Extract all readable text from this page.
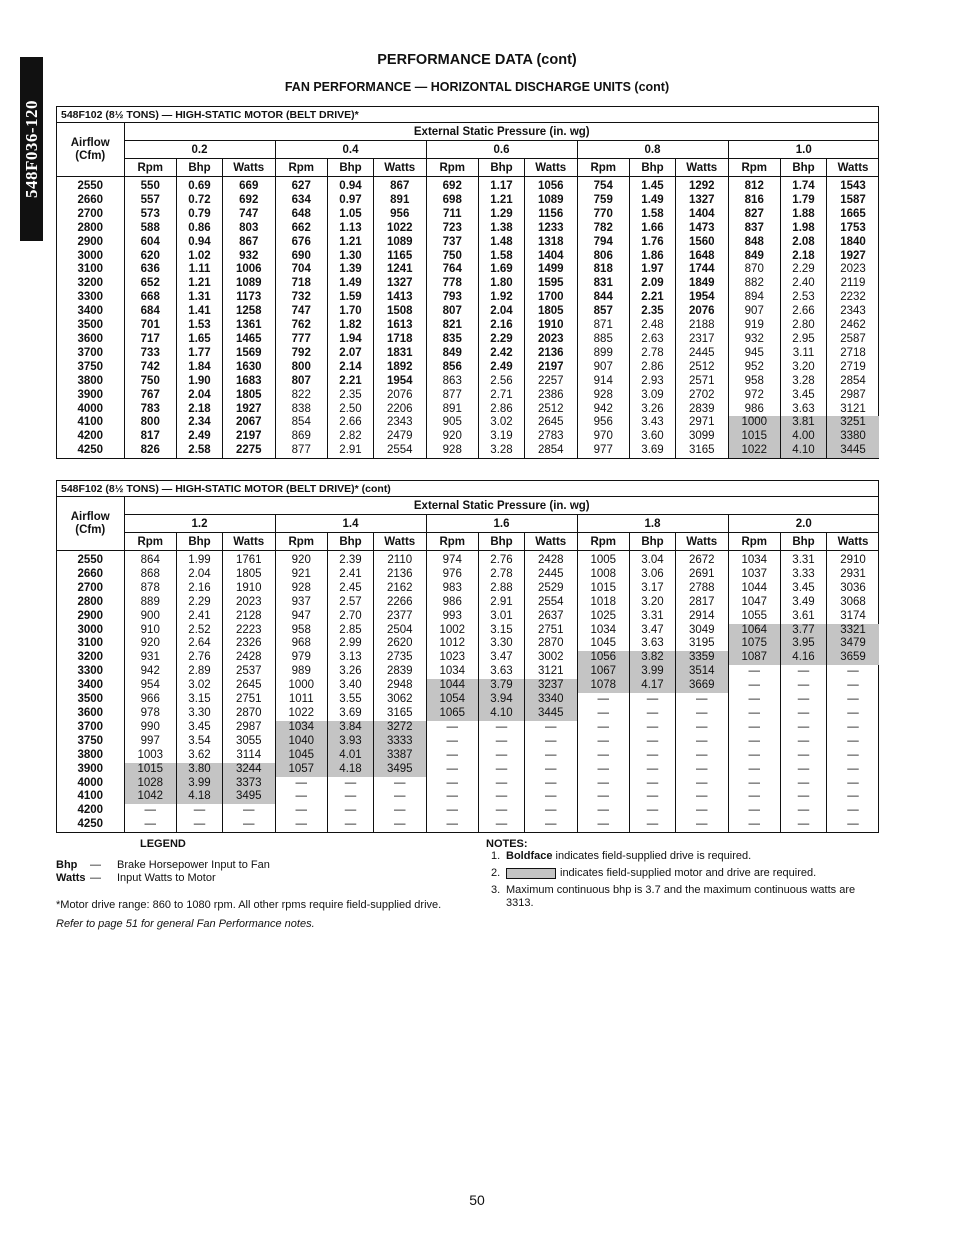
548F036-120
PERFORMANCE DATA (cont)
FAN PERFORMANCE — HORIZONTAL DISCHARGE UNITS (cont)
548F102 (8½ TONS) — HIGH-STATIC MOTOR (BELT DRIVE)*
Airflow (Cfm)	External Static Pressure (in. wg)														
	0.2			0.4			0.6			0.8			1.0		
	Rpm	Bhp	Watts	Rpm	Bhp	Watts	Rpm	Bhp	Watts	Rpm	Bhp	Watts	Rpm	Bhp	Watts
2550	550	0.69	669	627	0.94	867	692	1.17	1056	754	1.45	1292	812	1.74	1543
2660	557	0.72	692	634	0.97	891	698	1.21	1089	759	1.49	1327	816	1.79	1587
2700	573	0.79	747	648	1.05	956	711	1.29	1156	770	1.58	1404	827	1.88	1665
2800	588	0.86	803	662	1.13	1022	723	1.38	1233	782	1.66	1473	837	1.98	1753
2900	604	0.94	867	676	1.21	1089	737	1.48	1318	794	1.76	1560	848	2.08	1840
3000	620	1.02	932	690	1.30	1165	750	1.58	1404	806	1.86	1648	849	2.18	1927
3100	636	1.11	1006	704	1.39	1241	764	1.69	1499	818	1.97	1744	870	2.29	2023
3200	652	1.21	1089	718	1.49	1327	778	1.80	1595	831	2.09	1849	882	2.40	2119
3300	668	1.31	1173	732	1.59	1413	793	1.92	1700	844	2.21	1954	894	2.53	2232
3400	684	1.41	1258	747	1.70	1508	807	2.04	1805	857	2.35	2076	907	2.66	2343
3500	701	1.53	1361	762	1.82	1613	821	2.16	1910	871	2.48	2188	919	2.80	2462
3600	717	1.65	1465	777	1.94	1718	835	2.29	2023	885	2.63	2317	932	2.95	2587
3700	733	1.77	1569	792	2.07	1831	849	2.42	2136	899	2.78	2445	945	3.11	2718
3750	742	1.84	1630	800	2.14	1892	856	2.49	2197	907	2.86	2512	952	3.20	2719
3800	750	1.90	1683	807	2.21	1954	863	2.56	2257	914	2.93	2571	958	3.28	2854
3900	767	2.04	1805	822	2.35	2076	877	2.71	2386	928	3.09	2702	972	3.45	2987
4000	783	2.18	1927	838	2.50	2206	891	2.86	2512	942	3.26	2839	986	3.63	3121
4100	800	2.34	2067	854	2.66	2343	905	3.02	2645	956	3.43	2971	1000	3.81	3251
4200	817	2.49	2197	869	2.82	2479	920	3.19	2783	970	3.60	3099	1015	4.00	3380
4250	826	2.58	2275	877	2.91	2554	928	3.28	2854	977	3.69	3165	1022	4.10	3445
548F102 (8½ TONS) — HIGH-STATIC MOTOR (BELT DRIVE)* (cont)
Airflow (Cfm)	External Static Pressure (in. wg)														
	1.2			1.4			1.6			1.8			2.0		
	Rpm	Bhp	Watts	Rpm	Bhp	Watts	Rpm	Bhp	Watts	Rpm	Bhp	Watts	Rpm	Bhp	Watts
2550	864	1.99	1761	920	2.39	2110	974	2.76	2428	1005	3.04	2672	1034	3.31	2910
2660	868	2.04	1805	921	2.41	2136	976	2.78	2445	1008	3.06	2691	1037	3.33	2931
2700	878	2.16	1910	928	2.45	2162	983	2.88	2529	1015	3.17	2788	1044	3.45	3036
2800	889	2.29	2023	937	2.57	2266	986	2.91	2554	1018	3.20	2817	1047	3.49	3068
2900	900	2.41	2128	947	2.70	2377	993	3.01	2637	1025	3.31	2914	1055	3.61	3174
3000	910	2.52	2223	958	2.85	2504	1002	3.15	2751	1034	3.47	3049	1064	3.77	3321
3100	920	2.64	2326	968	2.99	2620	1012	3.30	2870	1045	3.63	3195	1075	3.95	3479
3200	931	2.76	2428	979	3.13	2735	1023	3.47	3002	1056	3.82	3359	1087	4.16	3659
3300	942	2.89	2537	989	3.26	2839	1034	3.63	3121	1067	3.99	3514	—	—	—
3400	954	3.02	2645	1000	3.40	2948	1044	3.79	3237	1078	4.17	3669	—	—	—
3500	966	3.15	2751	1011	3.55	3062	1054	3.94	3340	—	—	—	—	—	—
3600	978	3.30	2870	1022	3.69	3165	1065	4.10	3445	—	—	—	—	—	—
3700	990	3.45	2987	1034	3.84	3272	—	—	—	—	—	—	—	—	—
3750	997	3.54	3055	1040	3.93	3333	—	—	—	—	—	—	—	—	—
3800	1003	3.62	3114	1045	4.01	3387	—	—	—	—	—	—	—	—	—
3900	1015	3.80	3244	1057	4.18	3495	—	—	—	—	—	—	—	—	—
4000	1028	3.99	3373	—	—	—	—	—	—	—	—	—	—	—	—
4100	1042	4.18	3495	—	—	—	—	—	—	—	—	—	—	—	—
4200	—	—	—	—	—	—	—	—	—	—	—	—	—	—	—
4250	—	—	—	—	—	—	—	—	—	—	—	—	—	—	—
LEGEND
Bhp — Brake Horsepower Input to Fan
Watts — Input Watts to Motor
*Motor drive range: 860 to 1080 rpm. All other rpms require field-supplied drive.
Refer to page 51 for general Fan Performance notes.
NOTES:
1. Boldface indicates field-supplied drive is required.
2.	indicates field-supplied motor and drive are required.
3. Maximum continuous bhp is 3.7 and the maximum continuous watts are 3313.
50
